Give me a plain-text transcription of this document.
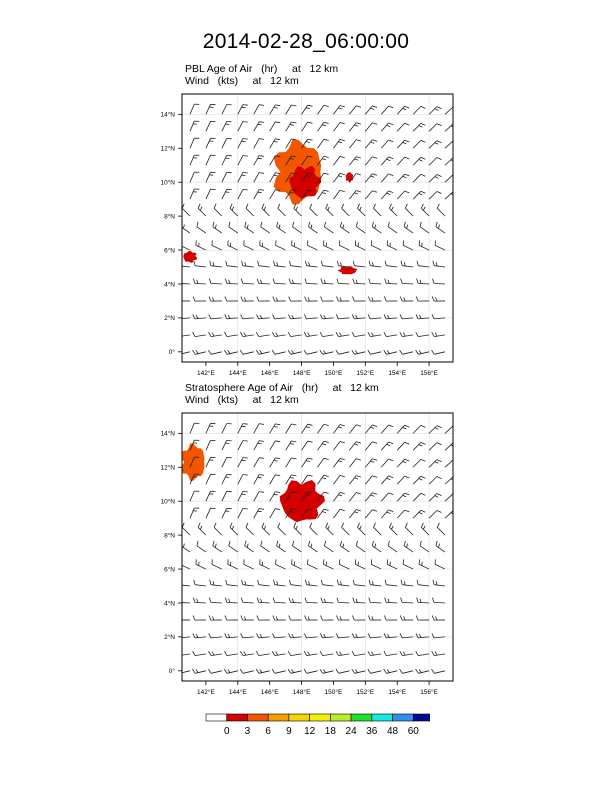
2014-02-28_06:00:00
PBL Age of Air   (hr)     at   12 km
Wind   (kts)     at   12 km
Stratosphere Age of Air   (hr)     at   12 km
Wind   (kts)     at   12 km
142°E 144°E 146°E 148°E 150°E 152°E 154°E 156°E
0°
2°N
4°N
6°N
8°N
10°N
12°N
14°N
142°E 144°E 146°E 148°E 150°E 152°E 154°E 156°E
0°
2°N
4°N
6°N
8°N
10°N
12°N
14°N
0 3 6 9 12 18 24 36 48 60
